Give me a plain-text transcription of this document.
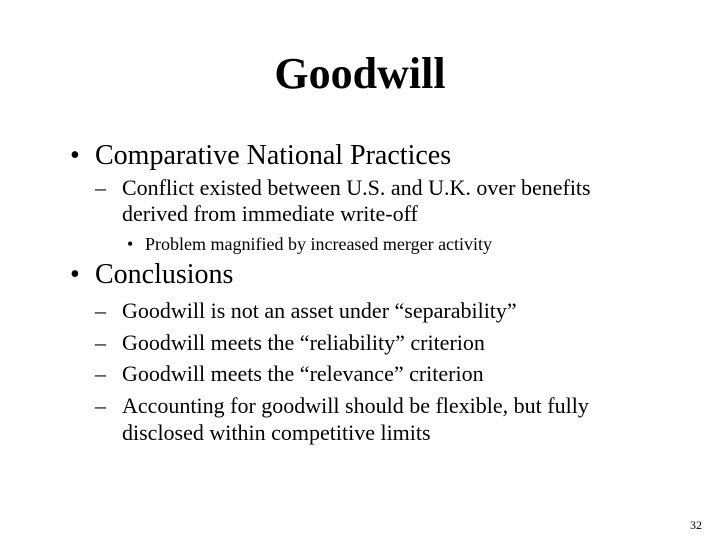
Goodwill
• Comparative National Practices
– Conflict existed between U.S. and U.K. over benefits
derived from immediate write-off
• Problem magnified by increased merger activity
• Conclusions
– Goodwill is not an asset under “separability”
– Goodwill meets the “reliability” criterion
– Goodwill meets the “relevance” criterion
– Accounting for goodwill should be flexible, but fully
disclosed within competitive limits
32
